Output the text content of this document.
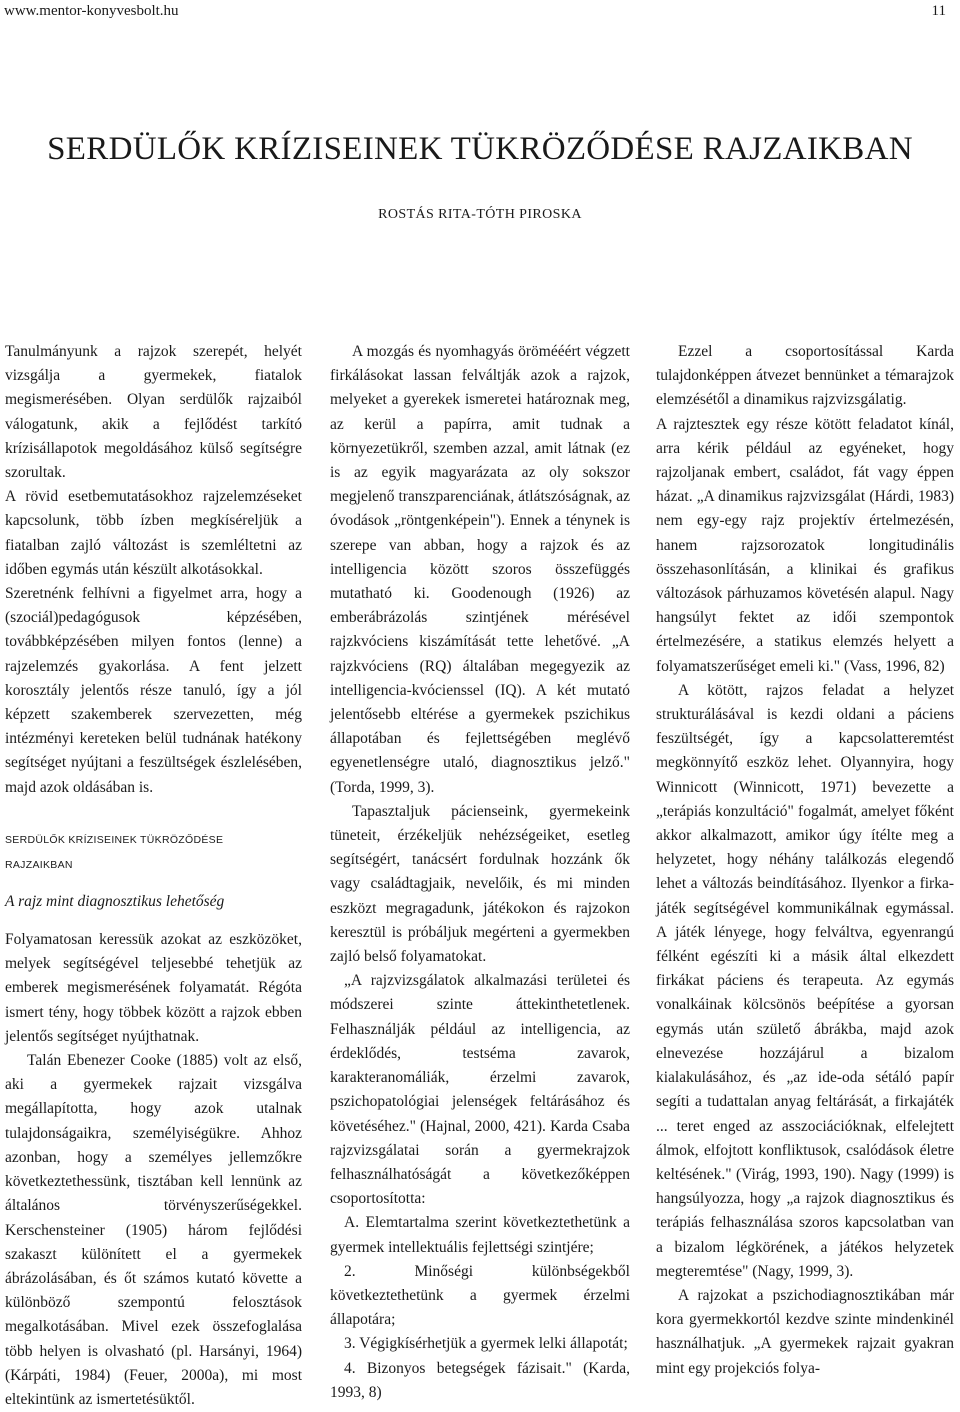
www.mentor-konyvesbolt.hu	11
SERDÜLŐK KRÍZISEINEK TÜKRÖZŐDÉSE RAJZAIKBAN
ROSTÁS RITA-TÓTH PIROSKA

Tanulmányunk a rajzok szerepét, helyét vizsgálja a gyermekek, fiatalok megismerésében. Olyan serdülők rajzaiból válogatunk, akik a fejlődést tarkító krízisállapotok megoldásához külső segítségre szorultak.

A rövid esetbemutatásokhoz rajzelemzéseket kapcsolunk, több ízben megkíséreljük a fiatalban zajló változást is szemléltetni az időben egymás után készült alkotásokkal.

Szeretnénk felhívni a figyelmet arra, hogy a (szociál)pedagógusok képzésében, továbbképzésében milyen fontos (lenne) a rajzelemzés gyakorlása. A fent jelzett korosztály jelentős része tanuló, így a jól képzett szakemberek szervezetten, még intézményi kereteken belül tudnának hatékony segítséget nyújtani a feszültségek észlelésében, majd azok oldásában is.

SERDÜLŐK KRÍZISEINEK TÜKRÖZŐDÉSE

RAJZAIKBAN

A rajz mint diagnosztikus lehetőség

Folyamatosan keressük azokat az eszközöket, melyek segítségével teljesebbé tehetjük az emberek megismerésének folyamatát. Régóta ismert tény, hogy többek között a rajzok ebben jelentős segítséget nyújthatnak.

Talán Ebenezer Cooke (1885) volt az első, aki a gyermekek rajzait vizsgálva megállapította, hogy azok utalnak tulajdonságaikra, személyiségükre. Ahhoz azonban, hogy a személyes jellemzőkre következtethessünk, tisztában kell lennünk az általános törvényszerűségekkel. Kerschensteiner (1905) három fejlődési szakaszt különített el a gyermekek ábrázolásában, és őt számos kutató követte a különböző szempontú felosztások megalkotásában. Mivel ezek összefoglalása több helyen is olvasható (pl. Harsányi, 1964) (Kárpáti, 1984) (Feuer, 2000a), mi most eltekintünk az ismertetésüktől.

A mozgás és nyomhagyás örömééért végzett firkálásokat lassan felváltják azok a rajzok, melyeket a gyerekek ismeretei határoznak meg, az kerül a papírra, amit tudnak a környezetükről, szemben azzal, amit látnak (ez is az egyik magyarázata az oly sokszor megjelenő transzparenciának, átlátszóságnak, az óvodások „röntgenképein"). Ennek a ténynek is szerepe van abban, hogy a rajzok és az intelligencia között szoros összefüggés mutatható ki. Goodenough (1926) az emberábrázolás szintjének mérésével rajzkvóciens kiszámítását tette lehetővé. „A rajzkvóciens (RQ) általában megegyezik az intelligencia-kvócienssel (IQ). A két mutató jelentősebb eltérése a gyermekek pszichikus állapotában és fejlettségében meglévő egyenetlenségre utaló, diagnosztikus jelző." (Torda, 1999, 3).

Tapasztaljuk pácienseink, gyermekeink tüneteit, érzékeljük nehézségeiket, esetleg segítségért, tanácsért fordulnak hozzánk ők vagy családtagjaik, nevelőik, és mi minden eszközt megragadunk, játékokon és rajzokon keresztül is próbáljuk megérteni a gyermekben zajló belső folyamatokat.

„A rajzvizsgálatok alkalmazási területei és módszerei szinte áttekinthetetlenek. Felhasználják például az intelligencia, az érdeklődés, testséma zavarok, karakteranomáliák, érzelmi zavarok, pszichopatológiai jelenségek feltárásához és követéséhez." (Hajnal, 2000, 421). Karda Csaba rajzvizsgálatai során a gyermekrajzok felhasználhatóságát a következőképpen csoportosította:

A. Elemtartalma szerint következtethetünk a gyermek intellektuális fejlettségi szintjére;

2. Minőségi különbségekből következtethetünk a gyermek érzelmi állapotára;

3. Végigkísérhetjük a gyermek lelki állapotát;

4. Bizonyos betegségek fázisait." (Karda, 1993, 8)

Ezzel a csoportosítással Karda tulajdonképpen átvezet bennünket a témarajzok elemzésétől a dinamikus rajzvizsgálatig.

A rajztesztek egy része kötött feladatot kínál, arra kérik például az egyéneket, hogy rajzoljanak embert, családot, fát vagy éppen házat. „A dinamikus rajzvizsgálat (Hárdi, 1983) nem egy-egy rajz projektív értelmezésén, hanem rajzsorozatok longitudinális összehasonlításán, a klinikai és grafikus változások párhuzamos követésén alapul. Nagy hangsúlyt fektet az idői szempontok értelmezésére, a statikus elemzés helyett a folyamatszerűséget emeli ki." (Vass, 1996, 82)

A kötött, rajzos feladat a helyzet strukturálásával is kezdi oldani a páciens feszültségét, így a kapcsolatteremtést megkönnyítő eszköz lehet. Olyannyira, hogy Winnicott (Winnicott, 1971) bevezette a „terápiás konzultáció" fogalmát, amelyet főként akkor alkalmazott, amikor úgy ítélte meg a helyzetet, hogy néhány találkozás elegendő lehet a változás beindításához. Ilyenkor a firka-játék segítségével kommunikálnak egymással. A játék lényege, hogy felváltva, egyenrangú félként egészíti ki a másik által elkezdett firkákat páciens és terapeuta. Az egymás vonalkáinak kölcsönös beépítése a gyorsan egymás után születő ábrákba, majd azok elnevezése hozzájárul a bizalom kialakulásához, és „az ide-oda sétáló papír segíti a tudattalan anyag feltárását, a firkajáték ... teret enged az asszociációknak, elfelejtett álmok, elfojtott konfliktusok, csalódások életre keltésének." (Virág, 1993, 190). Nagy (1999) is hangsúlyozza, hogy „a rajzok diagnosztikus és terápiás felhasználása szoros kapcsolatban van a bizalom légkörének, a játékos helyzetek megteremtése" (Nagy, 1999, 3).

A rajzokat a pszichodiagnosztikában már kora gyermekkortól kezdve szinte mindenkinél használhatjuk. „A gyermekek rajzait gyakran mint egy projekciós folya-
